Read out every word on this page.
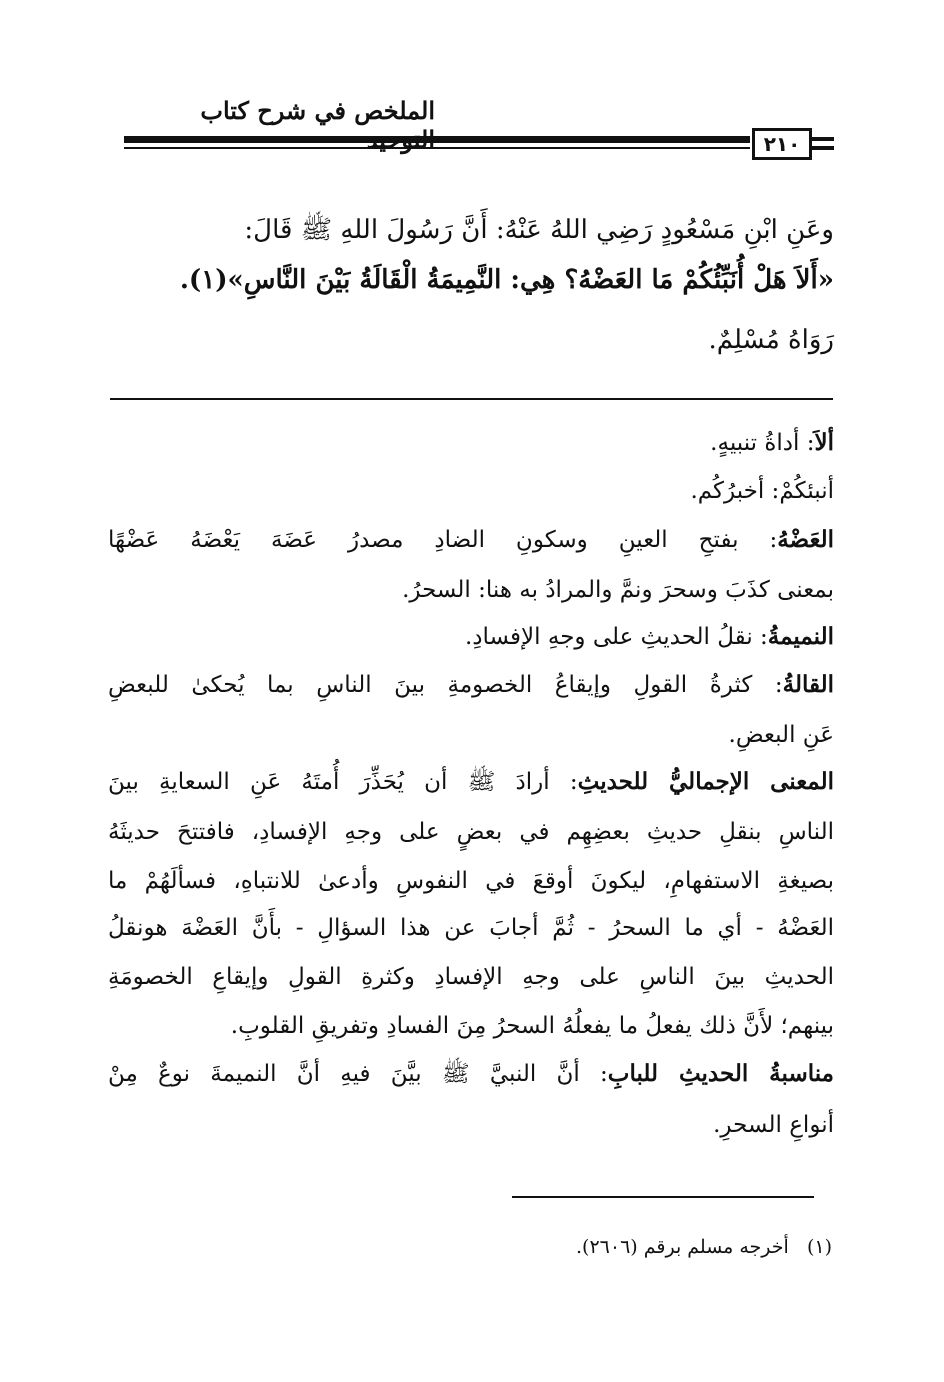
الملخص في شرح كتاب
٢١٠
وعَنِ ابْنِ مَسْعُودٍ رَضِي اللهُ عَنْهُ: أَنَّ رَسُولَ اللهِ ﷺ قَالَ:
«أَلاَ هَلْ أُنَبِّئُكُمْ مَا العَضْهُ؟ هِي: النَّمِيمَةُ الْقَالَةُ بَيْنَ النَّاسِ»(١).
رَوَاهُ مُسْلِمٌ.
ألاَ: أداةُ تنبيهٍ.
أنبئكُمْ: أخبرُكُم.
العَضْهُ: بفتحِ العينِ وسكونِ الضادِ مصدرُ عَضَهَ يَعْضَهُ عَضْهًا
بمعنى كذَبَ وسحرَ ونمَّ والمرادُ به هنا: السحرُ.
النميمةُ: نقلُ الحديثِ على وجهِ الإفسادِ.
القالةُ: كثرةُ القولِ وإيقاعُ الخصومةِ بينَ الناسِ بما يُحكىٰ للبعضِ
عَنِ البعضِ.
المعنى الإجماليُّ للحديثِ: أرادَ ﷺ أن يُحَذِّرَ أُمتَهُ عَنِ السعايةِ بينَ
الناسِ بنقلِ حديثِ بعضِهِم في بعضٍ على وجهِ الإفسادِ، فافتتحَ حديثَهُ
بصيغةِ الاستفهامِ، ليكونَ أوقعَ في النفوسِ وأدعىٰ للانتباهِ، فسألَهُمْ ما
العَضْهُ - أي ما السحرُ - ثُمَّ أجابَ عن هذا السؤالِ - بأَنَّ العَضْهَ هونقلُ
الحديثِ بينَ الناسِ على وجهِ الإفسادِ وكثرةِ القولِ وإيقاعِ الخصومَةِ
بينهم؛ لأَنَّ ذلك يفعلُ ما يفعلُهُ السحرُ مِنَ الفسادِ وتفريقِ القلوبِ.
مناسبةُ الحديثِ للبابِ: أنَّ النبيَّ ﷺ بيَّنَ فيهِ أنَّ النميمةَ نوعٌ مِنْ
أنواعِ السحرِ.
(١)   أخرجه مسلم برقم (٢٦٠٦).
